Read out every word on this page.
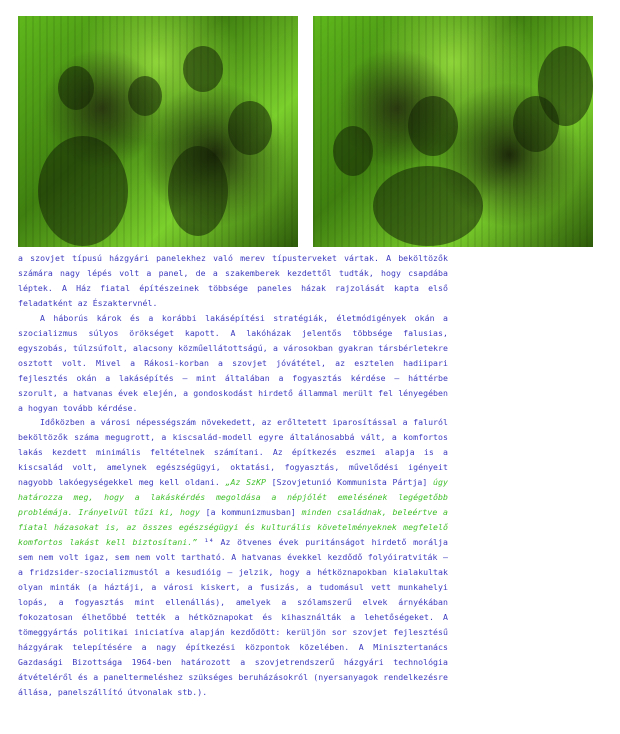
a szovjet típusú házgyári panelekhez való merev típusterveket vártak. A beköltözők számára nagy lépés volt a panel, de a szakemberek kezdettől tudták, hogy csapdába léptek. A Ház fiatal építészeinek többsége paneles házak rajzolását kapta első feladatként az Északtervnél.

A háborús károk és a korábbi lakásépítési stratégiák, életmódigények okán a szocializmus súlyos örökséget kapott. A lakóházak jelentős többsége falusias, egyszobás, túlzsúfolt, alacsony közműellátottságú, a városokban gyakran társbérletekre osztott volt. Mivel a Rákosi-korban a szovjet jóvátétel, az esztelen hadiipari fejlesztés okán a lakásépítés – mint általában a fogyasztás kérdése – háttérbe szorult, a hatvanas évek elején, a gondoskodást hirdető állammal merült fel lényegében a hogyan tovább kérdése.

Időközben a városi népességszám növekedett, az erőltetett iparosítással a faluról beköltözők száma megugrott, a kiscsalád-modell egyre általánosabbá vált, a komfortos lakás kezdett minimális feltételnek számítani. Az építkezés eszmei alapja is a kiscsalád volt, amelynek egészségügyi, oktatási, fogyasztás, művelődési igényeit nagyobb lakóegységekkel meg kell oldani. „Az SzKP [Szovjetunió Kommunista Pártja] úgy határozza meg, hogy a lakáskérdés megoldása a népjólét emelésének legégetőbb problémája. Irányelvül tűzi ki, hogy [a kommunizmusban] minden családnak, beleértve a fiatal házasokat is, az összes egészségügyi és kulturális követelményeknek megfelelő komfortos lakást kell biztosítani.” ¹⁴ Az ötvenes évek puritánságot hirdető morálja sem nem volt igaz, sem nem volt tartható. A hatvanas évekkel kezdődő folyóiratviták – a fridzsider-szocializmustól a kesudióig – jelzik, hogy a hétköznapokban kialakultak olyan minták (a háztáji, a városi kiskert, a fusizás, a tudomásul vett munkahelyi lopás, a fogyasztás mint ellenállás), amelyek a szólamszerű elvek árnyékában fokozatosan élhetőbbé tették a hétköznapokat és kihasználták a lehetőségeket. A tömeggyártás politikai iniciatíva alapján kezdődött: kerüljön sor szovjet fejlesztésű házgyárak telepítésére a nagy építkezési központok közelében. A Minisztertanács Gazdasági Bizottsága 1964-ben határozott a szovjetrendszerű házgyári technológia átvételéről és a paneltermeléshez szükséges beruházásokról (nyersanyagok rendelkezésre állása, panelszállító útvonalak stb.).
